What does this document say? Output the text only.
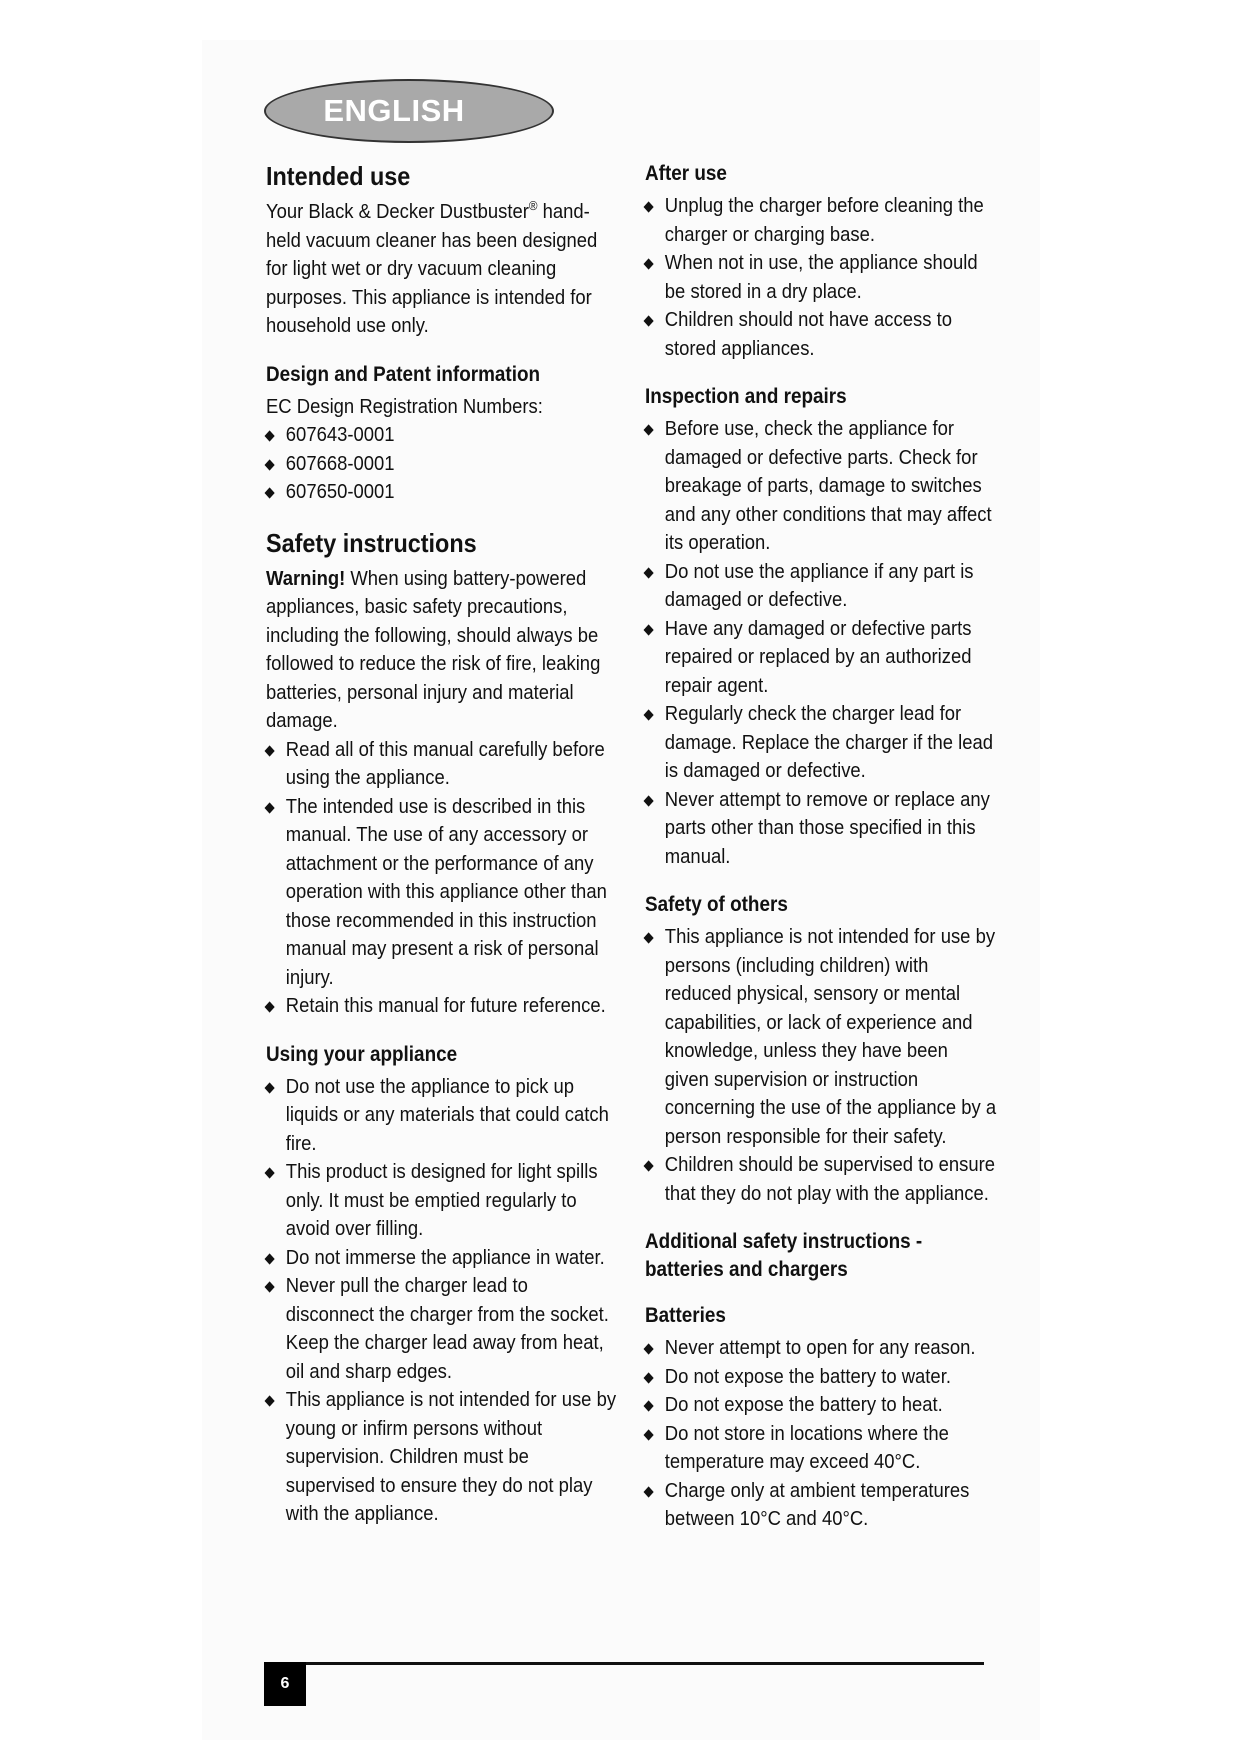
ENGLISH
Intended use

Your Black & Decker Dustbuster® hand-held vacuum cleaner has been designed for light wet or dry vacuum cleaning purposes. This appliance is intended for household use only.

Design and Patent information

EC Design Registration Numbers:

607643-0001
607668-0001
607650-0001
Safety instructions

Warning! When using battery-powered appliances, basic safety precautions, including the following, should always be followed to reduce the risk of fire, leaking batteries, personal injury and material damage.

Read all of this manual carefully before using the appliance.
The intended use is described in this manual. The use of any accessory or attachment or the performance of any operation with this appliance other than those recommended in this instruction manual may present a risk of personal injury.
Retain this manual for future reference.
Using your appliance
Do not use the appliance to pick up liquids or any materials that could catch fire.
This product is designed for light spills only. It must be emptied regularly to avoid over filling.
Do not immerse the appliance in water.
Never pull the charger lead to disconnect the charger from the socket. Keep the charger lead away from heat, oil and sharp edges.
This appliance is not intended for use by young or infirm persons without supervision. Children must be supervised to ensure they do not play with the appliance.
After use
Unplug the charger before cleaning the charger or charging base.
When not in use, the appliance should be stored in a dry place.
Children should not have access to stored appliances.
Inspection and repairs
Before use, check the appliance for damaged or defective parts. Check for breakage of parts, damage to switches and any other conditions that may affect its operation.
Do not use the appliance if any part is damaged or defective.
Have any damaged or defective parts repaired or replaced by an authorized repair agent.
Regularly check the charger lead for damage. Replace the charger if the lead is damaged or defective.
Never attempt to remove or replace any parts other than those specified in this manual.
Safety of others
This appliance is not intended for use by persons (including children) with reduced physical, sensory or mental capabilities, or lack of experience and knowledge, unless they have been given supervision or instruction concerning the use of the appliance by a person responsible for their safety.
Children should be supervised to ensure that they do not play with the appliance.
Additional safety instructions - batteries and chargers
Batteries
Never attempt to open for any reason.
Do not expose the battery to water.
Do not expose the battery to heat.
Do not store in locations where the temperature may exceed 40°C.
Charge only at ambient temperatures between 10°C and 40°C.
6
